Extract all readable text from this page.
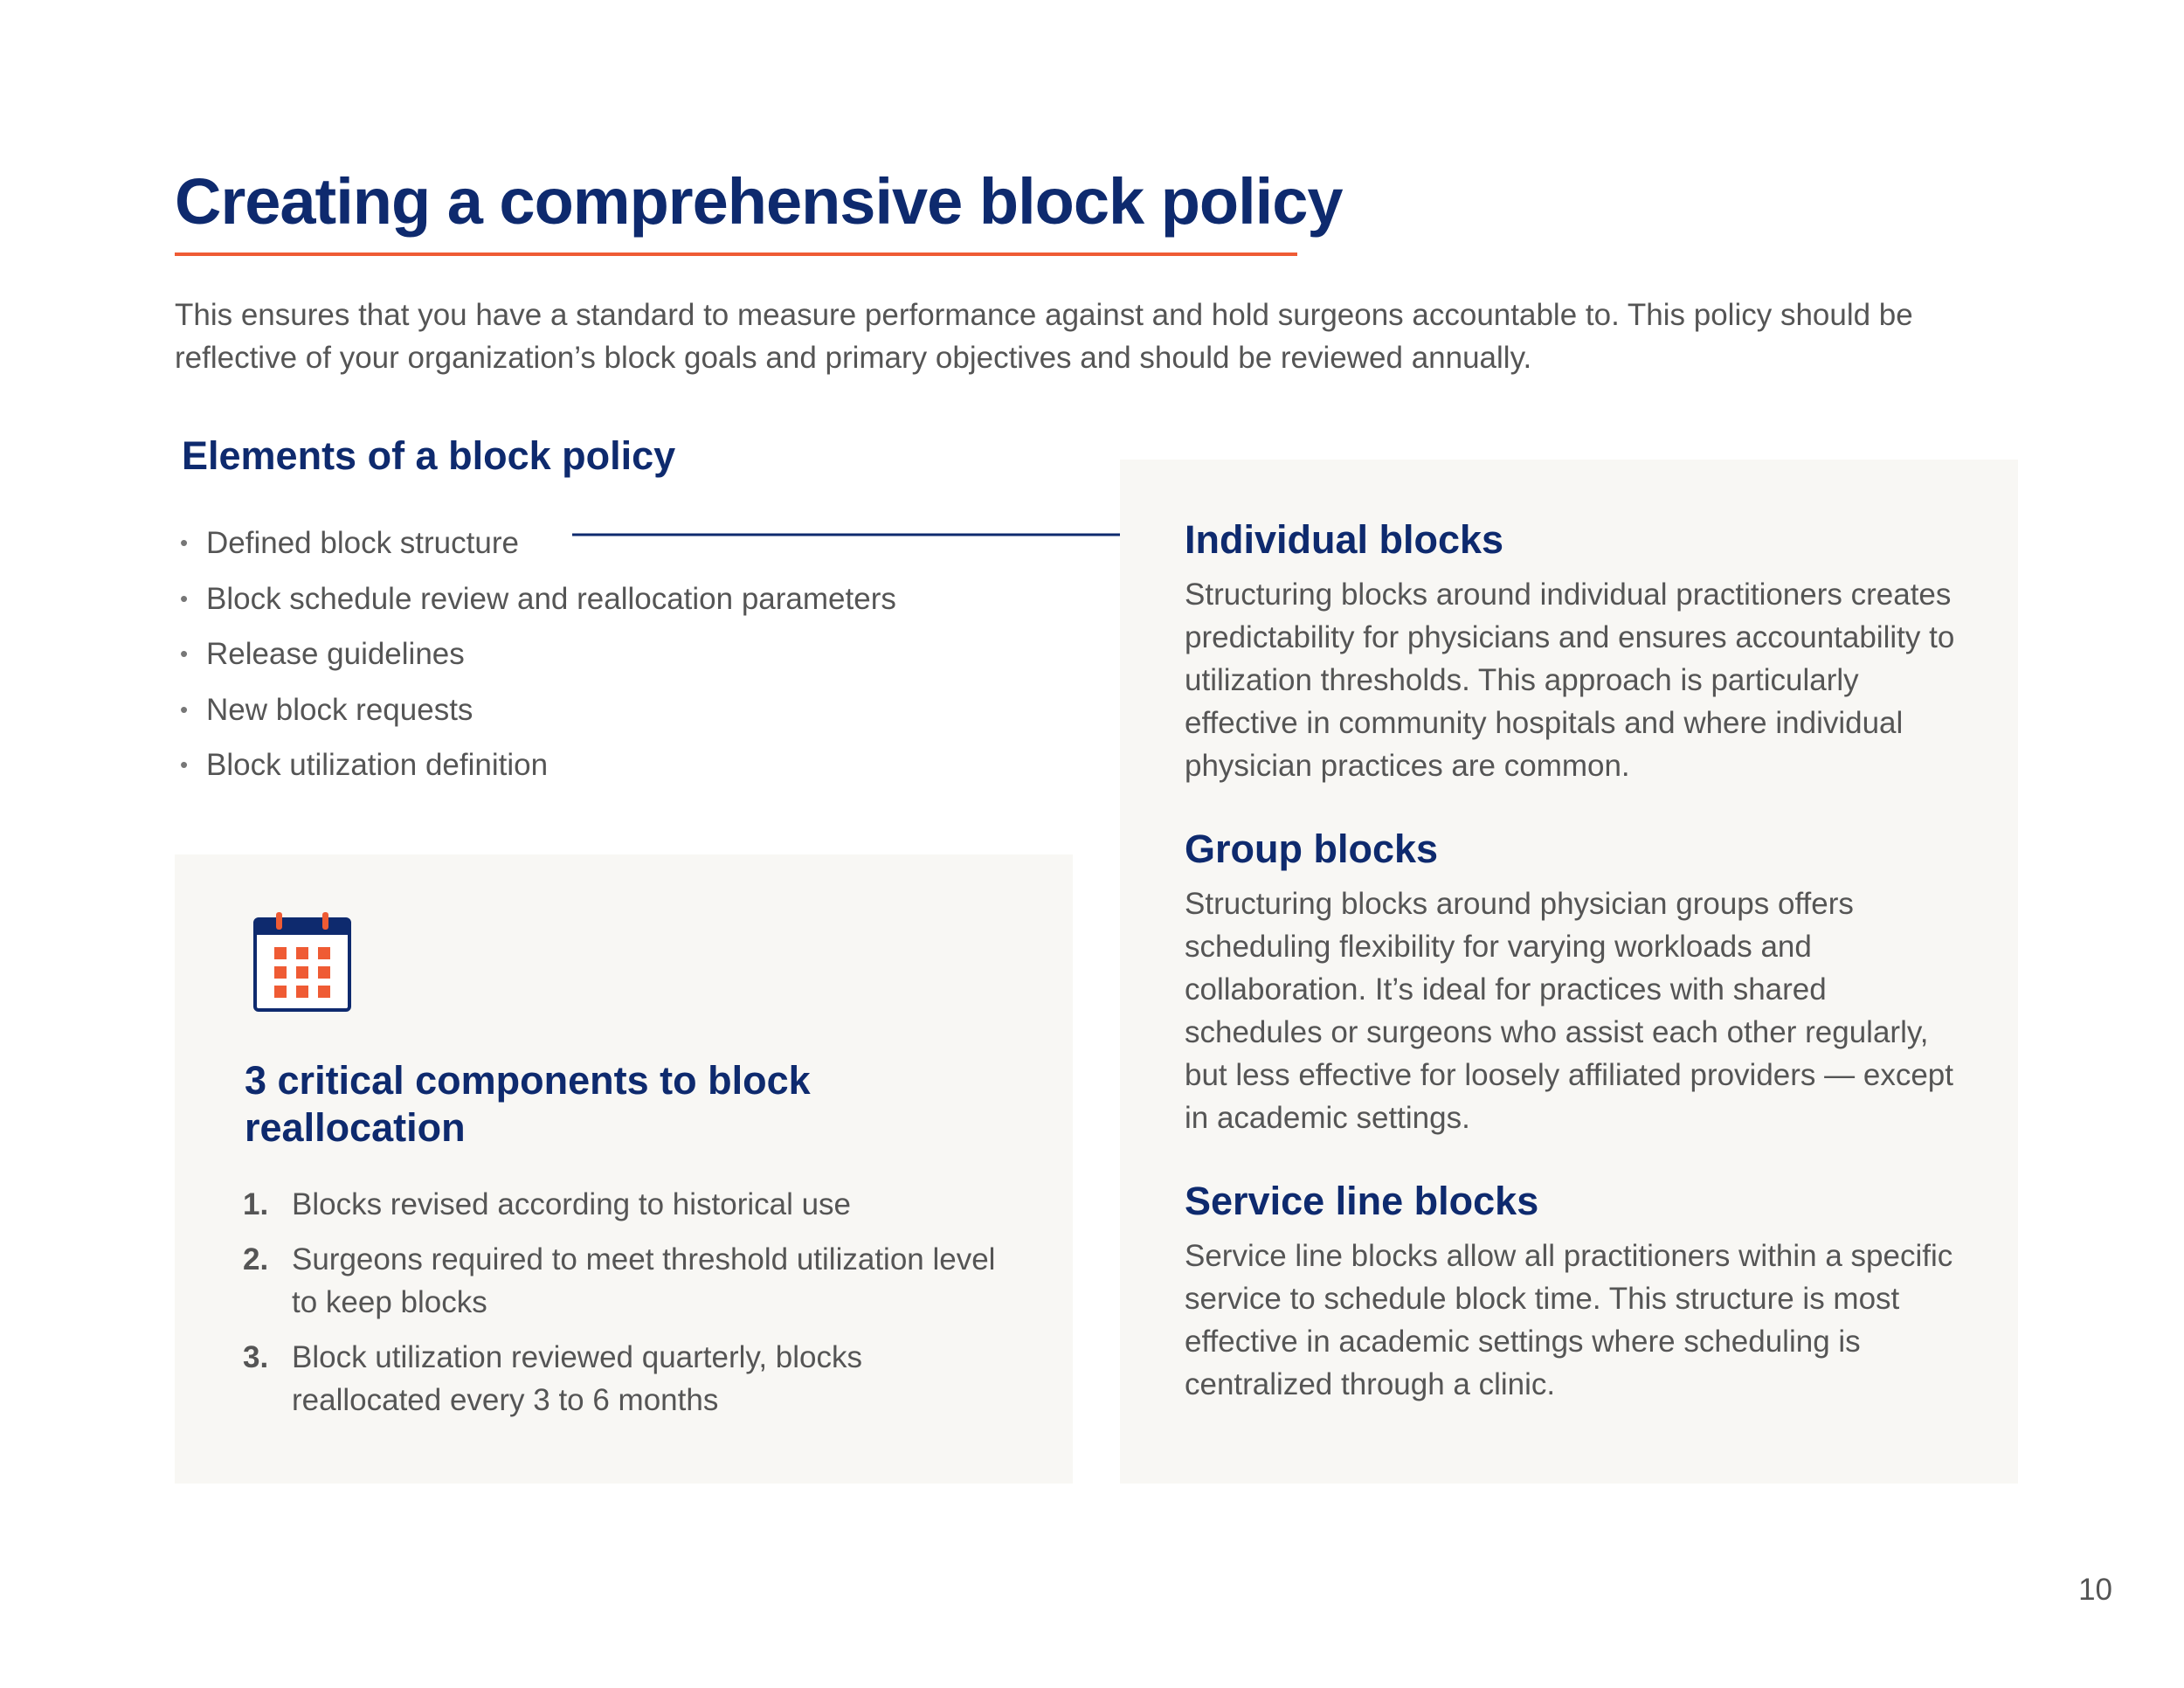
Creating a comprehensive block policy

This ensures that you have a standard to measure performance against and hold surgeons accountable to. This policy should be reflective of your organization’s block goals and primary objectives and should be reviewed annually.

Elements of a block policy
• Defined block structure
• Block schedule review and reallocation parameters
• Release guidelines
• New block requests
• Block utilization definition
3 critical components to block reallocation
1. Blocks revised according to historical use
2. Surgeons required to meet threshold utilization level to keep blocks
3. Block utilization reviewed quarterly, blocks reallocated every 3 to 6 months
Individual blocks

Structuring blocks around individual practitioners creates predictability for physicians and ensures accountability to utilization thresholds. This approach is particularly effective in community hospitals and where individual physician practices are common.

Group blocks

Structuring blocks around physician groups offers scheduling flexibility for varying workloads and collaboration. It’s ideal for practices with shared schedules or surgeons who assist each other regularly, but less effective for loosely affiliated providers — except in academic settings.

Service line blocks

Service line blocks allow all practitioners within a specific service to schedule block time. This structure is most effective in academic settings where scheduling is centralized through a clinic.

10
